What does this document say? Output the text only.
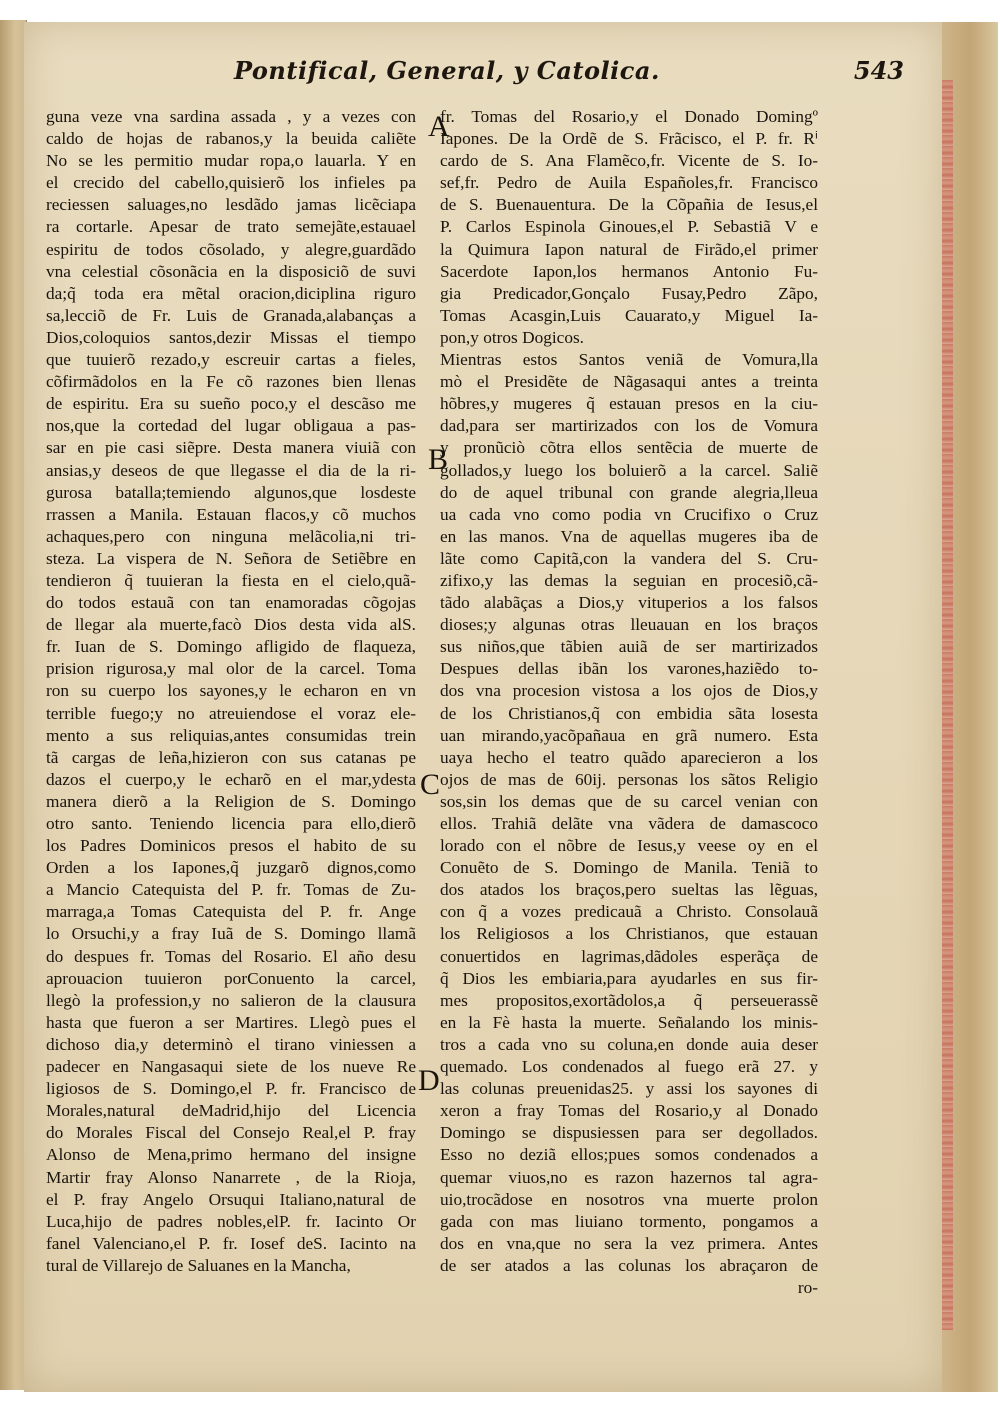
Pontifical, General, y Catolica.	543
guna veze vna sardina assada , y a vezes con
caldo de hojas de rabanos,y la beuida caliẽte
No se les permitio mudar ropa,o lauarla. Y en
el crecido del cabello,quisierõ los infieles pa
reciessen saluages,no lesdãdo jamas licẽciapa
ra cortarle. Apesar de trato semejãte,estauael
espiritu de todos cõsolado, y alegre,guardãdo
vna celestial cõsonãcia en la disposiciõ de suvi
da;q̃ toda era mẽtal oracion,diciplina riguro
sa,lecciõ de Fr. Luis de Granada,alabanças a
Dios,coloquios santos,dezir Missas el tiempo
que tuuierõ rezado,y escreuir cartas a fieles,
cõfirmãdolos en la Fe cõ razones bien llenas
de espiritu. Era su sueño poco,y el descãso me
nos,que la cortedad del lugar obligaua a pas-
sar en pie casi siẽpre. Desta manera viuiã con
ansias,y deseos de que llegasse el dia de la ri-
gurosa batalla;temiendo algunos,que losdeste
rrassen a Manila. Estauan flacos,y cõ muchos
achaques,pero con ninguna melãcolia,ni tri-
steza. La vispera de N. Señora de Setiẽbre en
tendieron q̃ tuuieran la fiesta en el cielo,quã-
do todos estauã con tan enamoradas cõgojas
de llegar ala muerte,facò Dios desta vida alS.
fr. Iuan de S. Domingo afligido de flaqueza,
prision rigurosa,y mal olor de la carcel. Toma
ron su cuerpo los sayones,y le echaron en vn
terrible fuego;y no atreuiendose el voraz ele-
mento a sus reliquias,antes consumidas trein
tã cargas de leña,hizieron con sus catanas pe
dazos el cuerpo,y le echarõ en el mar,ydesta
manera dierõ a la Religion de S. Domingo
otro santo. Teniendo licencia para ello,dierõ
los Padres Dominicos presos el habito de su
Orden a los Iapones,q̃ juzgarõ dignos,como
a Mancio Catequista del P. fr. Tomas de Zu-
marraga,a Tomas Catequista del P. fr. Ange
lo Orsuchi,y a fray Iuã de S. Domingo llamã
do despues fr. Tomas del Rosario. El año desu
aprouacion tuuieron porConuento la carcel,
llegò la profession,y no salieron de la clausura
hasta que fueron a ser Martires. Llegò pues el
dichoso dia,y determinò el tirano viniessen a
padecer en Nangasaqui siete de los nueve Re
ligiosos de S. Domingo,el P. fr. Francisco de
Morales,natural deMadrid,hijo del Licencia
do Morales Fiscal del Consejo Real,el P. fray
Alonso de Mena,primo hermano del insigne
Martir fray Alonso Nanarrete , de la Rioja,
el P. fray Angelo Orsuqui Italiano,natural de
Luca,hijo de padres nobles,elP. fr. Iacinto Or
fanel Valenciano,el P. fr. Iosef deS. Iacinto na
tural de Villarejo de Saluanes en la Mancha,
fr. Tomas del Rosario,y el Donado Domingº
Iapones. De la Ordẽ de S. Frãcisco, el P. fr. Rⁱ
cardo de S. Ana Flamẽco,fr. Vicente de S. Io-
sef,fr. Pedro de Auila Españoles,fr. Francisco
de S. Buenauentura. De la Cõpañia de Iesus,el
P. Carlos Espinola Ginoues,el P. Sebastiã V e
la Quimura Iapon natural de Firãdo,el primer
Sacerdote Iapon,los hermanos Antonio Fu-
gia Predicador,Gonçalo Fusay,Pedro Zãpo,
Tomas Acasgin,Luis Cauarato,y Miguel Ia-
pon,y otros Dogicos.
Mientras estos Santos veniã de Vomura,lla
mò el Presidẽte de Nãgasaqui antes a treinta
hõbres,y mugeres q̃ estauan presos en la ciu-
dad,para ser martirizados con los de Vomura
y pronũciò cõtra ellos sentẽcia de muerte de
gollados,y luego los boluierõ a la carcel. Saliẽ
do de aquel tribunal con grande alegria,lleua
ua cada vno como podia vn Crucifixo o Cruz
en las manos. Vna de aquellas mugeres iba de
lãte como Capitã,con la vandera del S. Cru-
zifixo,y las demas la seguian en procesiõ,cã-
tãdo alabãças a Dios,y vituperios a los falsos
dioses;y algunas otras lleuauan en los braços
sus niños,que tãbien auiã de ser martirizados
Despues dellas ibãn los varones,haziẽdo to-
dos vna procesion vistosa a los ojos de Dios,y
de los Christianos,q̃ con embidia sãta losesta
uan mirando,yacõpañaua en grã numero. Esta
uaya hecho el teatro quãdo aparecieron a los
ojos de mas de 60ij. personas los sãtos Religio
sos,sin los demas que de su carcel venian con
ellos. Trahiã delãte vna vãdera de damascoco
lorado con el nõbre de Iesus,y veese oy en el
Conuẽto de S. Domingo de Manila. Teniã to
dos atados los braços,pero sueltas las lẽguas,
con q̃ a vozes predicauã a Christo. Consolauã
los Religiosos a los Christianos, que estauan
conuertidos en lagrimas,dãdoles esperãça de
q̃ Dios les embiaria,para ayudarles en sus fir-
mes propositos,exortãdolos,a q̃ perseuerassẽ
en la Fè hasta la muerte. Señalando los minis-
tros a cada vno su coluna,en donde auia deser
quemado. Los condenados al fuego erã 27. y
las colunas preuenidas25. y assi los sayones di
xeron a fray Tomas del Rosario,y al Donado
Domingo se dispusiessen para ser degollados.
Esso no deziã ellos;pues somos condenados a
quemar viuos,no es razon hazernos tal agra-
uio,trocãdose en nosotros vna muerte prolon
gada con mas liuiano tormento, pongamos a
dos en vna,que no sera la vez primera. Antes
de ser atados a las colunas los abraçaron de
ro-
A
B
C
D
